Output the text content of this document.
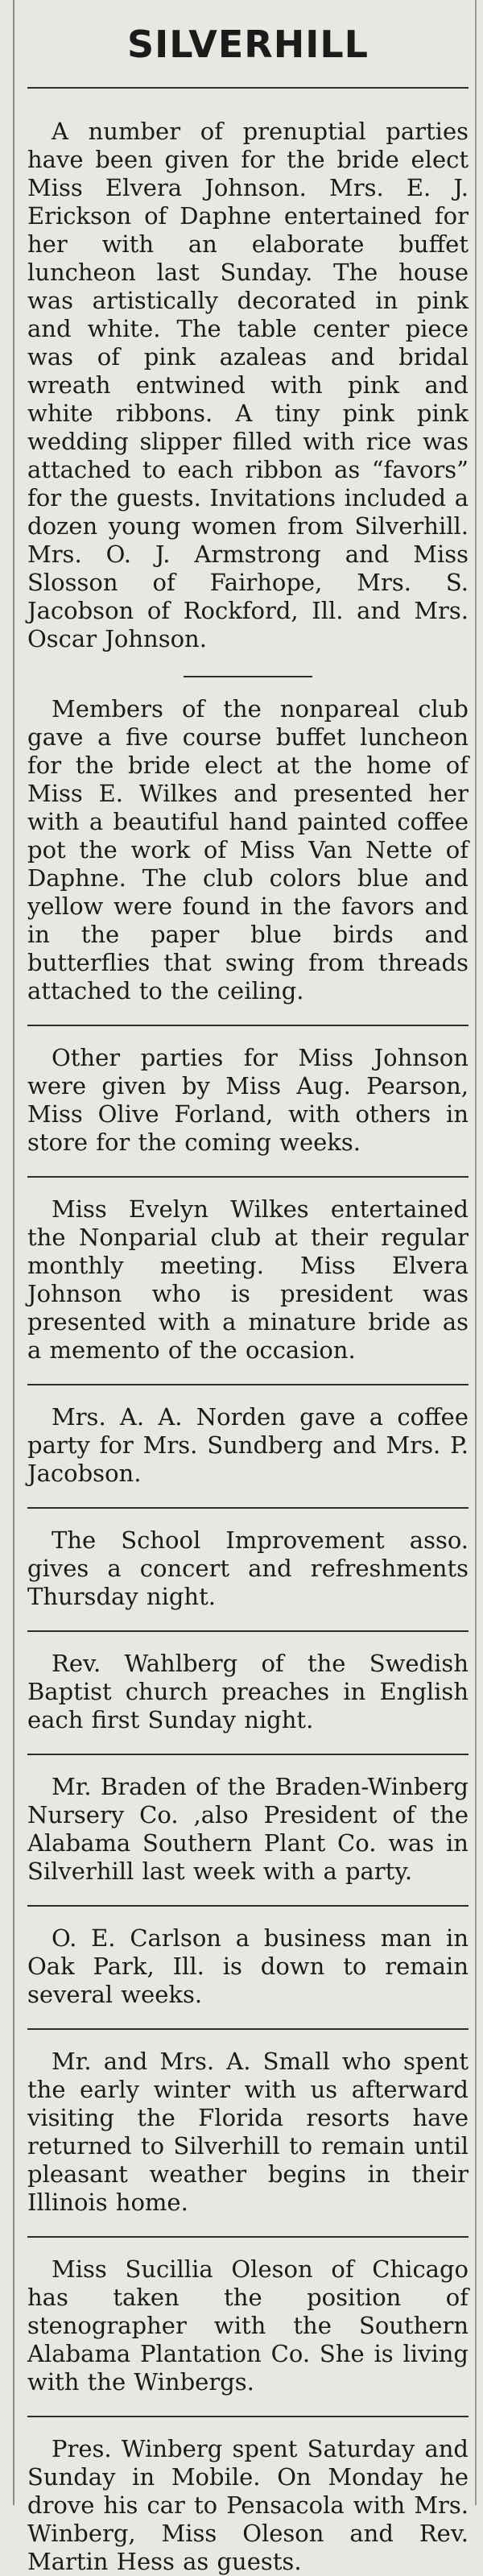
SILVERHILL

A number of prenuptial parties have been given for the bride elect Miss Elvera Johnson. Mrs. E. J. Erickson of Daphne entertained for her with an elaborate buffet luncheon last Sunday. The house was artistically decorated in pink and white. The table center piece was of pink azaleas and bridal wreath entwined with pink and white ribbons. A tiny pink pink wedding slipper filled with rice was attached to each ribbon as “favors” for the guests. Invitations included a dozen young women from Silverhill. Mrs. O. J. Armstrong and Miss Slosson of Fairhope, Mrs. S. Jacobson of Rockford, Ill. and Mrs. Oscar Johnson.

Members of the nonpareal club gave a five course buffet luncheon for the bride elect at the home of Miss E. Wilkes and presented her with a beautiful hand painted coffee pot the work of Miss Van Nette of Daphne. The club colors blue and yellow were found in the favors and in the paper blue birds and butterflies that swing from threads attached to the ceiling.

Other parties for Miss Johnson were given by Miss Aug. Pearson, Miss Olive Forland, with others in store for the coming weeks.

Miss Evelyn Wilkes entertained the Nonparial club at their regular monthly meeting. Miss Elvera Johnson who is president was presented with a minature bride as a memento of the occasion.

Mrs. A. A. Norden gave a coffee party for Mrs. Sundberg and Mrs. P. Jacobson.

The School Improvement asso. gives a concert and refreshments Thursday night.

Rev. Wahlberg of the Swedish Baptist church preaches in English each first Sunday night.

Mr. Braden of the Braden-Winberg Nursery Co. ,also President of the Alabama Southern Plant Co. was in Silverhill last week with a party.

O. E. Carlson a business man in Oak Park, Ill. is down to remain several weeks.

Mr. and Mrs. A. Small who spent the early winter with us afterward visiting the Florida resorts have returned to Silverhill to remain until pleasant weather begins in their Illinois home.

Miss Sucillia Oleson of Chicago has taken the position of stenographer with the Southern Alabama Plantation Co. She is living with the Winbergs.

Pres. Winberg spent Saturday and Sunday in Mobile. On Monday he drove his car to Pensacola with Mrs. Winberg, Miss Oleson and Rev. Martin Hess as guests.
